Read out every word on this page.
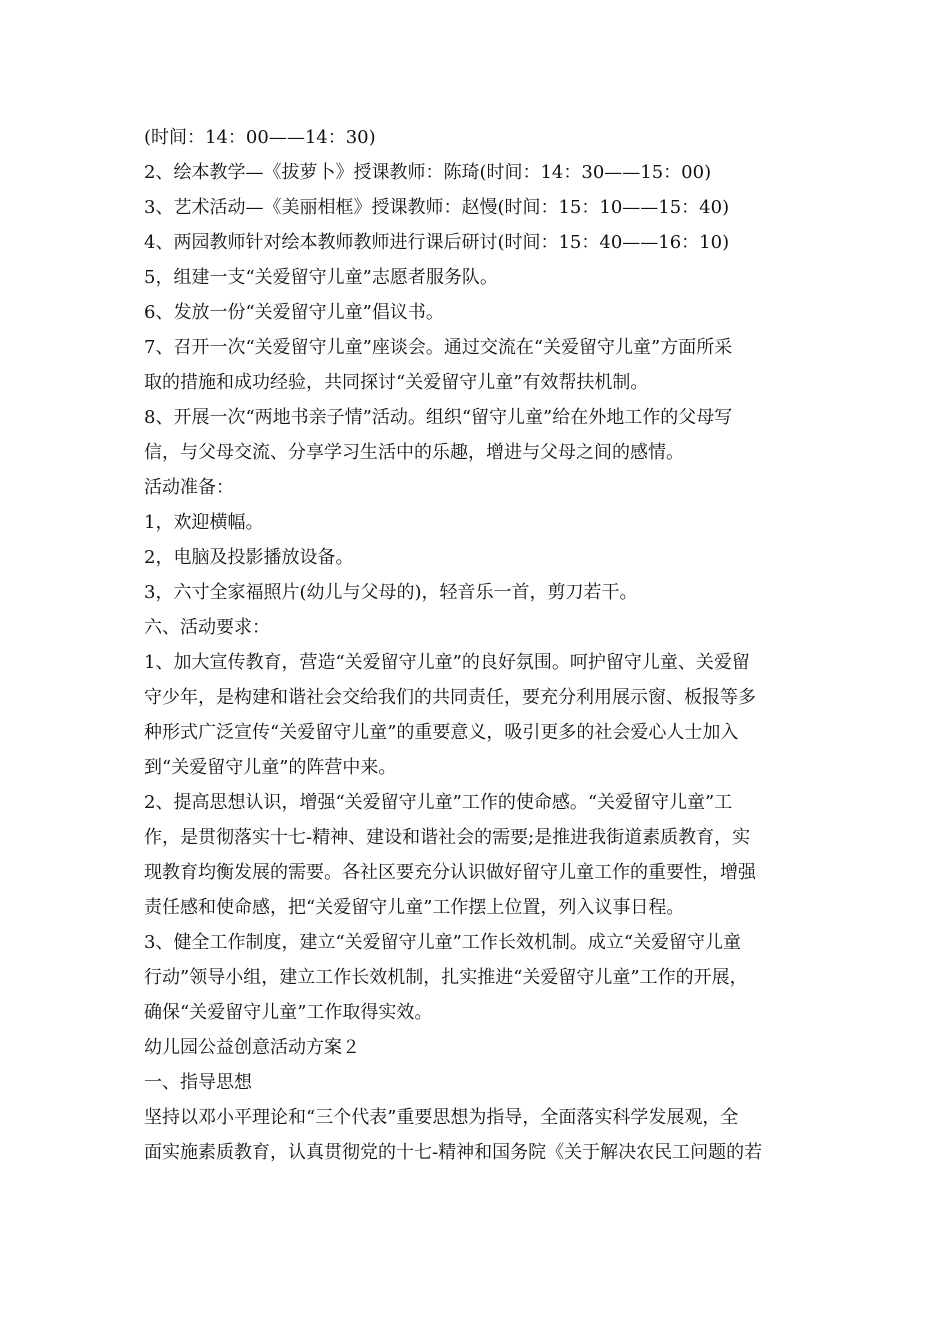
(时间：14：00——14：30)

2、绘本教学—《拔萝卜》授课教师：陈琦(时间：14：30——15：00)

3、艺术活动—《美丽相框》授课教师：赵慢(时间：15：10——15：40)

4、两园教师针对绘本教师教师进行课后研讨(时间：15：40——16：10)

5，组建一支“关爱留守儿童”志愿者服务队。

6、发放一份“关爱留守儿童”倡议书。

7、召开一次“关爱留守儿童”座谈会。通过交流在“关爱留守儿童”方面所采

取的措施和成功经验，共同探讨“关爱留守儿童”有效帮扶机制。

8、开展一次“两地书亲子情”活动。组织“留守儿童”给在外地工作的父母写

信，与父母交流、分享学习生活中的乐趣，增进与父母之间的感情。

活动准备：

1，欢迎横幅。

2，电脑及投影播放设备。

3，六寸全家福照片(幼儿与父母的)，轻音乐一首，剪刀若干。

六、活动要求：

1、加大宣传教育，营造“关爱留守儿童”的良好氛围。呵护留守儿童、关爱留

守少年，是构建和谐社会交给我们的共同责任，要充分利用展示窗、板报等多

种形式广泛宣传“关爱留守儿童”的重要意义，吸引更多的社会爱心人士加入

到“关爱留守儿童”的阵营中来。

2、提高思想认识，增强“关爱留守儿童”工作的使命感。“关爱留守儿童”工

作，是贯彻落实十七-精神、建设和谐社会的需要;是推进我街道素质教育，实

现教育均衡发展的需要。各社区要充分认识做好留守儿童工作的重要性，增强

责任感和使命感，把“关爱留守儿童”工作摆上位置，列入议事日程。

3、健全工作制度，建立“关爱留守儿童”工作长效机制。成立“关爱留守儿童

行动”领导小组，建立工作长效机制，扎实推进“关爱留守儿童”工作的开展，

确保“关爱留守儿童”工作取得实效。

幼儿园公益创意活动方案２

一、指导思想

坚持以邓小平理论和“三个代表”重要思想为指导，全面落实科学发展观，全

面实施素质教育，认真贯彻党的十七-精神和国务院《关于解决农民工问题的若
